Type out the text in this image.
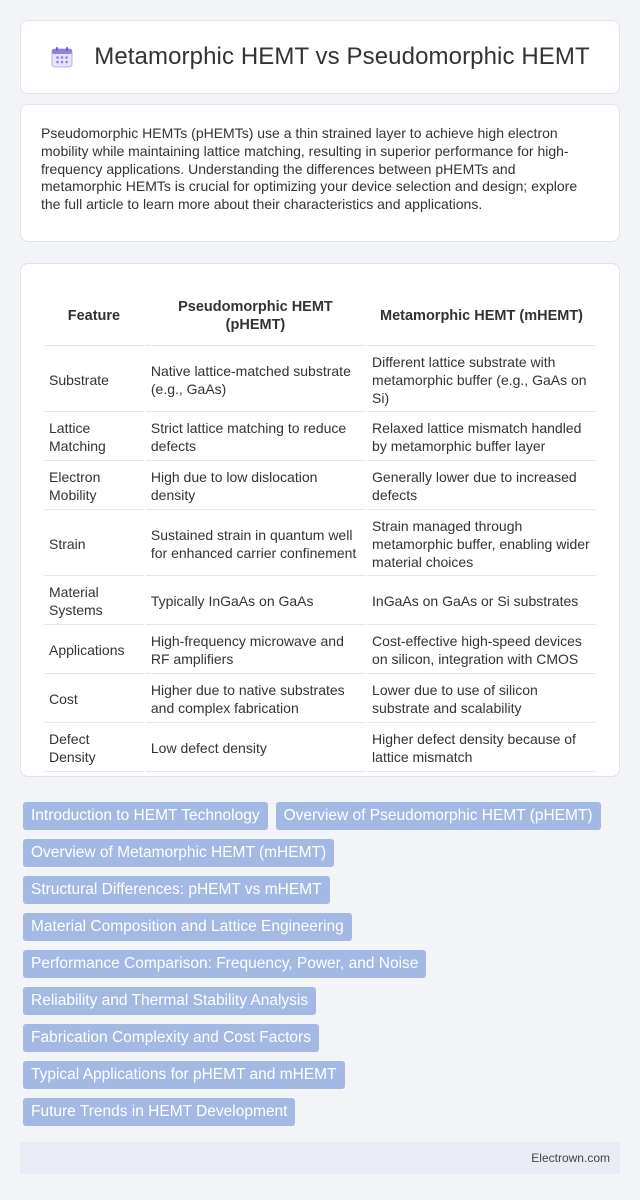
Metamorphic HEMT vs Pseudomorphic HEMT

Pseudomorphic HEMTs (pHEMTs) use a thin strained layer to achieve high electron mobility while maintaining lattice matching, resulting in superior performance for high-frequency applications. Understanding the differences between pHEMTs and metamorphic HEMTs is crucial for optimizing your device selection and design; explore the full article to learn more about their characteristics and applications.

Feature	Pseudomorphic HEMT (pHEMT)	Metamorphic HEMT (mHEMT)
Substrate	Native lattice-matched substrate (e.g., GaAs)	Different lattice substrate with metamorphic buffer (e.g., GaAs on Si)
Lattice Matching	Strict lattice matching to reduce defects	Relaxed lattice mismatch handled by metamorphic buffer layer
Electron Mobility	High due to low dislocation density	Generally lower due to increased defects
Strain	Sustained strain in quantum well for enhanced carrier confinement	Strain managed through metamorphic buffer, enabling wider material choices
Material Systems	Typically InGaAs on GaAs	InGaAs on GaAs or Si substrates
Applications	High-frequency microwave and RF amplifiers	Cost-effective high-speed devices on silicon, integration with CMOS
Cost	Higher due to native substrates and complex fabrication	Lower due to use of silicon substrate and scalability
Defect Density	Low defect density	Higher defect density because of lattice mismatch
Introduction to HEMT Technology	Overview of Pseudomorphic HEMT (pHEMT)
Overview of Metamorphic HEMT (mHEMT)
Structural Differences: pHEMT vs mHEMT
Material Composition and Lattice Engineering
Performance Comparison: Frequency, Power, and Noise
Reliability and Thermal Stability Analysis
Fabrication Complexity and Cost Factors
Typical Applications for pHEMT and mHEMT
Future Trends in HEMT Development
Electrown.com
